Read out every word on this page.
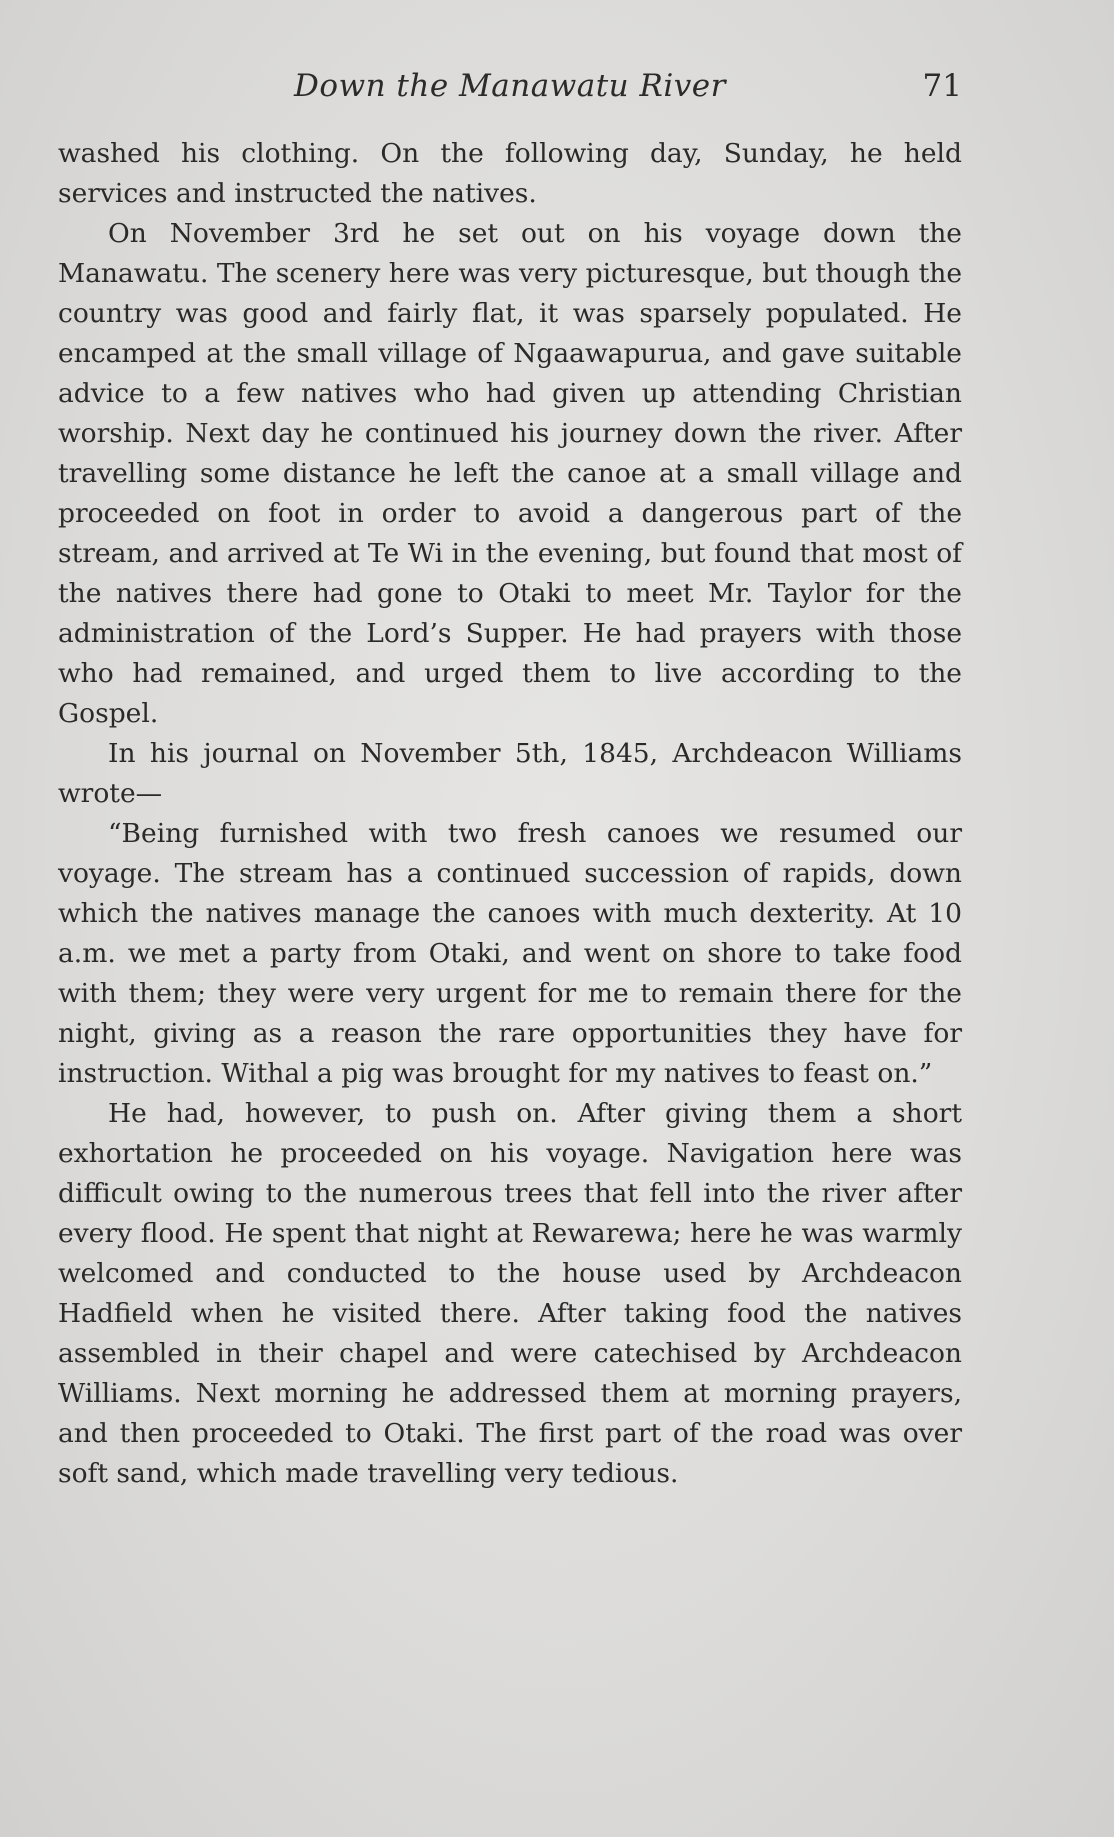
Down the Manawatu River	71

washed his clothing. On the following day, Sunday, he held services and instructed the natives.

On November 3rd he set out on his voyage down the Manawatu. The scenery here was very picturesque, but though the country was good and fairly flat, it was sparsely populated. He encamped at the small village of Ngaawapurua, and gave suitable advice to a few natives who had given up attending Christian worship. Next day he continued his journey down the river. After travelling some distance he left the canoe at a small village and proceeded on foot in order to avoid a dangerous part of the stream, and arrived at Te Wi in the evening, but found that most of the natives there had gone to Otaki to meet Mr. Taylor for the administration of the Lord’s Supper. He had prayers with those who had remained, and urged them to live according to the Gospel.

In his journal on November 5th, 1845, Archdeacon Williams wrote—

“Being furnished with two fresh canoes we resumed our voyage. The stream has a continued succession of rapids, down which the natives manage the canoes with much dexterity. At 10 a.m. we met a party from Otaki, and went on shore to take food with them; they were very urgent for me to remain there for the night, giving as a reason the rare opportunities they have for instruction. Withal a pig was brought for my natives to feast on.”

He had, however, to push on. After giving them a short exhortation he proceeded on his voyage. Navigation here was difficult owing to the numerous trees that fell into the river after every flood. He spent that night at Rewarewa; here he was warmly welcomed and conducted to the house used by Archdeacon Hadfield when he visited there. After taking food the natives assembled in their chapel and were catechised by Archdeacon Williams. Next morning he addressed them at morning prayers, and then proceeded to Otaki. The first part of the road was over soft sand, which made travelling very tedious.
